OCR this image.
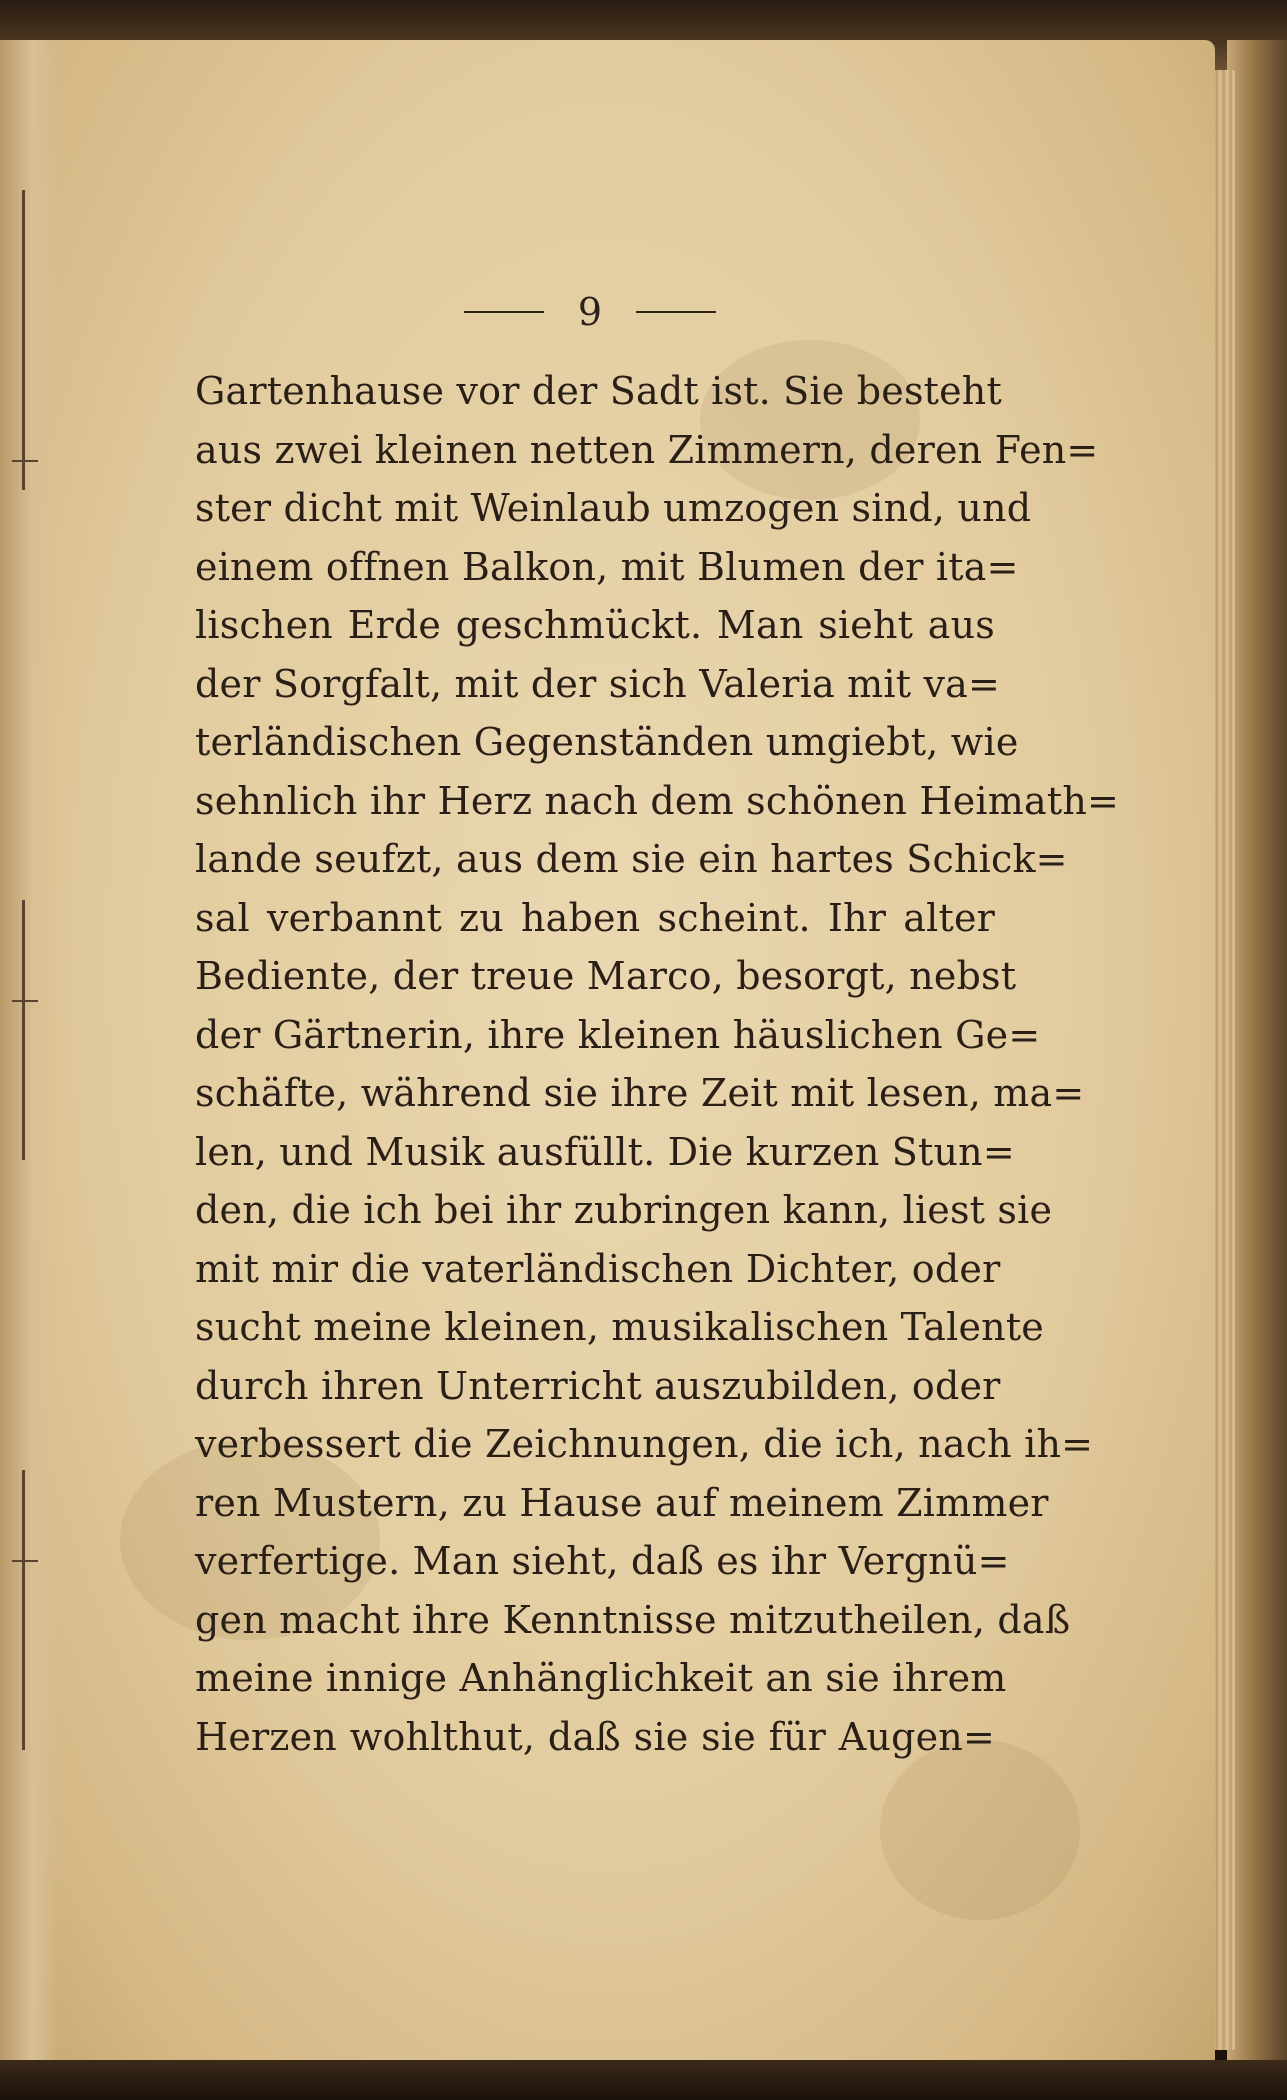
9
Gartenhause vor der Sadt ist. Sie besteht
aus zwei kleinen netten Zimmern, deren Fen=
ster dicht mit Weinlaub umzogen sind, und
einem offnen Balkon, mit Blumen der ita=
lischen Erde geschmückt. Man sieht aus
der Sorgfalt, mit der sich Valeria mit va=
terländischen Gegenständen umgiebt, wie
sehnlich ihr Herz nach dem schönen Heimath=
lande seufzt, aus dem sie ein hartes Schick=
sal verbannt zu haben scheint. Ihr alter
Bediente, der treue Marco, besorgt, nebst
der Gärtnerin, ihre kleinen häuslichen Ge=
schäfte, während sie ihre Zeit mit lesen, ma=
len, und Musik ausfüllt. Die kurzen Stun=
den, die ich bei ihr zubringen kann, liest sie
mit mir die vaterländischen Dichter, oder
sucht meine kleinen, musikalischen Talente
durch ihren Unterricht auszubilden, oder
verbessert die Zeichnungen, die ich, nach ih=
ren Mustern, zu Hause auf meinem Zimmer
verfertige. Man sieht, daß es ihr Vergnü=
gen macht ihre Kenntnisse mitzutheilen, daß
meine innige Anhänglichkeit an sie ihrem
Herzen wohlthut, daß sie sie für Augen=
